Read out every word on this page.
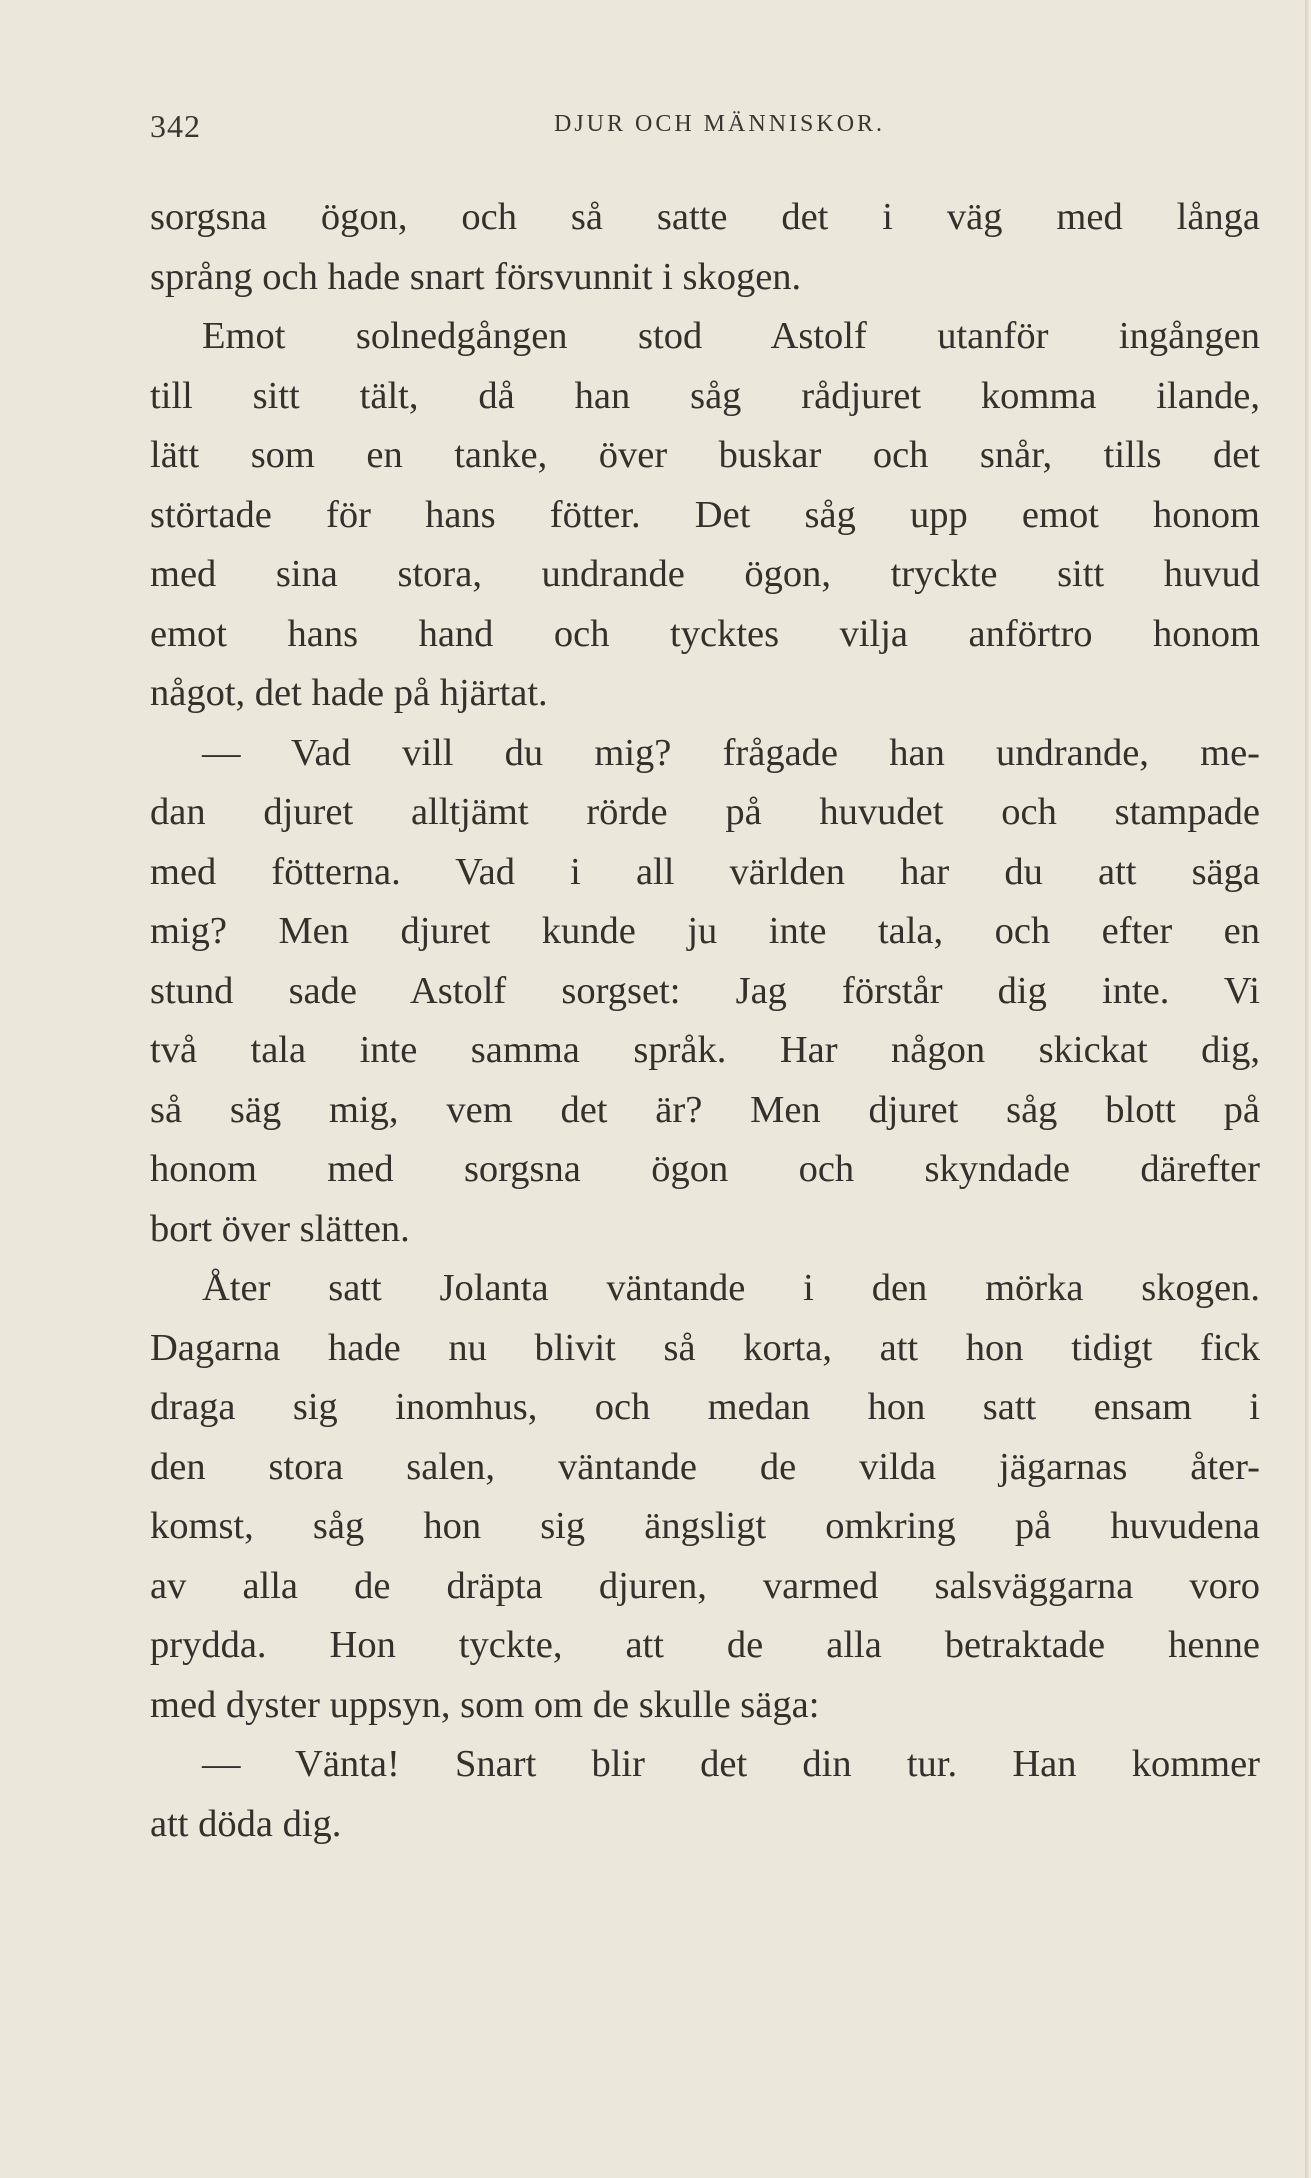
342	DJUR OCH MÄNNISKOR.
sorgsna ögon, och så satte det i väg med långa
språng och hade snart försvunnit i skogen.
Emot solnedgången stod Astolf utanför ingången
till sitt tält, då han såg rådjuret komma ilande,
lätt som en tanke, över buskar och snår, tills det
störtade för hans fötter. Det såg upp emot honom
med sina stora, undrande ögon, tryckte sitt huvud
emot hans hand och tycktes vilja anförtro honom
något, det hade på hjärtat.
— Vad vill du mig? frågade han undrande, me-
dan djuret alltjämt rörde på huvudet och stampade
med fötterna. Vad i all världen har du att säga
mig? Men djuret kunde ju inte tala, och efter en
stund sade Astolf sorgset: Jag förstår dig inte. Vi
två tala inte samma språk. Har någon skickat dig,
så säg mig, vem det är? Men djuret såg blott på
honom med sorgsna ögon och skyndade därefter
bort över slätten.
Åter satt Jolanta väntande i den mörka skogen.
Dagarna hade nu blivit så korta, att hon tidigt fick
draga sig inomhus, och medan hon satt ensam i
den stora salen, väntande de vilda jägarnas åter-
komst, såg hon sig ängsligt omkring på huvudena
av alla de dräpta djuren, varmed salsväggarna voro
prydda. Hon tyckte, att de alla betraktade henne
med dyster uppsyn, som om de skulle säga:
— Vänta! Snart blir det din tur. Han kommer
att döda dig.
